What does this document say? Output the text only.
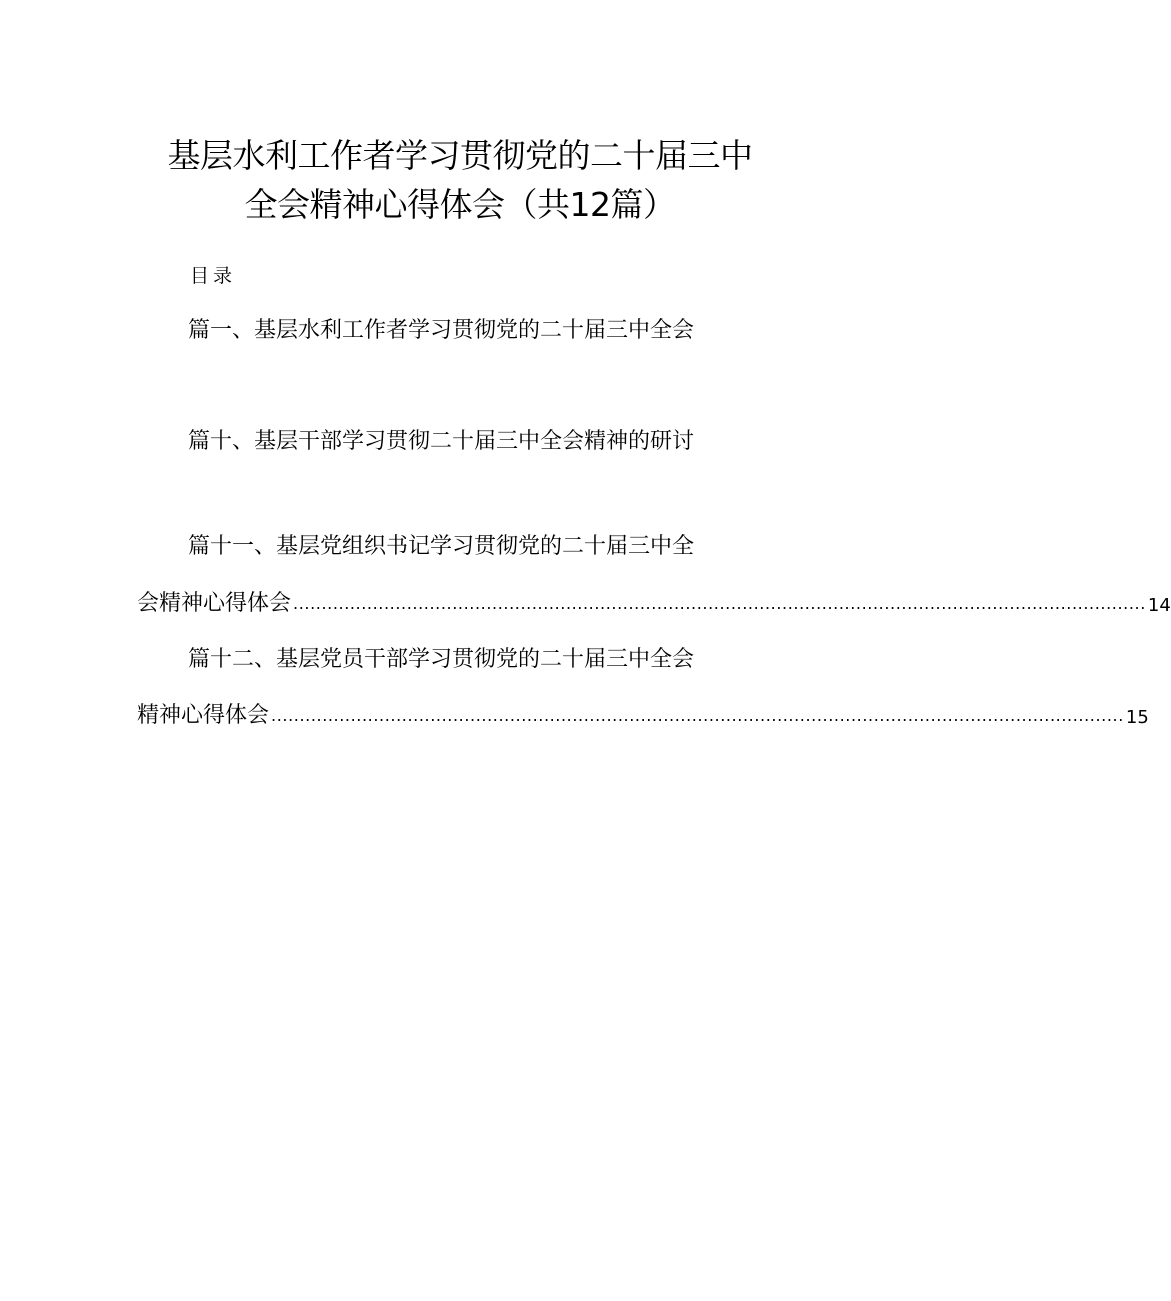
基层水利工作者学习贯彻党的二十届三中
全会精神心得体会（共12篇）
目录
篇一、基层水利工作者学习贯彻党的二十届三中全会
篇十、基层干部学习贯彻二十届三中全会精神的研讨
篇十一、基层党组织书记学习贯彻党的二十届三中全
会精神心得体会 ...................................................................................................................................................... 14
篇十二、基层党员干部学习贯彻党的二十届三中全会
精神心得体会 ...................................................................................................................................................... 15
